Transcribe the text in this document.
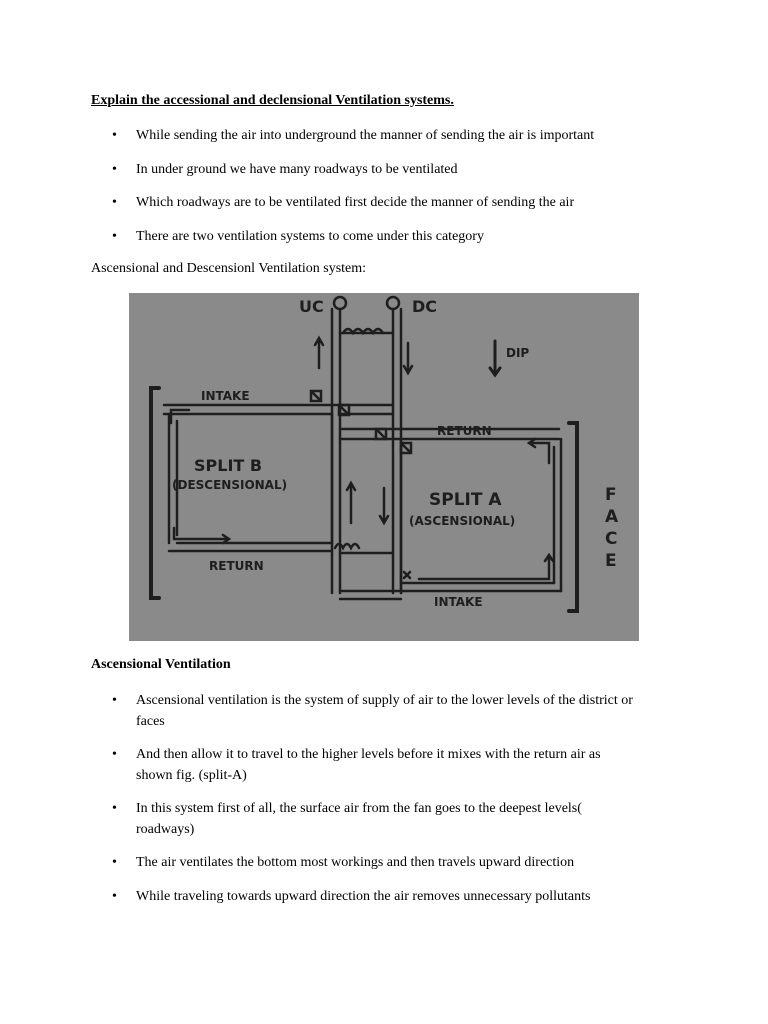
Explain the accessional and declensional Ventilation systems.

• While sending the air into underground the manner of sending the air is important
• In under ground we have many roadways to be ventilated
• Which roadways are to be ventilated first decide the manner of sending the air
• There are two ventilation systems to come under this category

Ascensional and Descensionl Ventilation system:

UC	DC
DIP
INTAKE
RETURN
SPLIT B
(DESCENSIONAL)
SPLIT A
(ASCENSIONAL)
RETURN
INTAKE
F
A
C
E

Ascensional Ventilation

• Ascensional ventilation is the system of supply of air to the lower levels of the district or
faces
• And then allow it to travel to the higher levels before it mixes with the return air as
shown fig. (split-A)
• In this system first of all, the surface air from the fan goes to the deepest levels(
roadways)
• The air ventilates the bottom most workings and then travels upward direction
• While traveling towards upward direction the air removes unnecessary pollutants
